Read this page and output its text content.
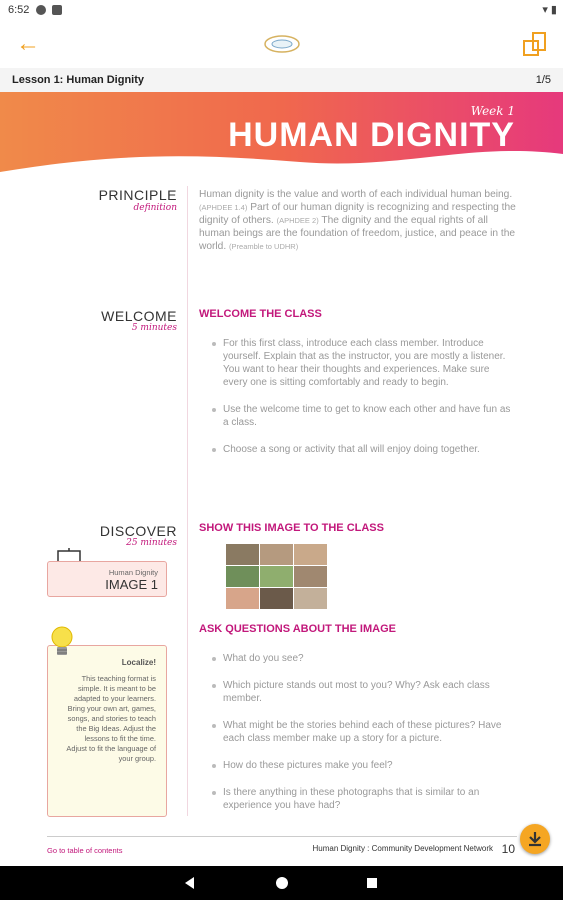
6:52	▾ ▮
←
Lesson 1: Human Dignity	1/5
Week 1
HUMAN DIGNITY
PRINCIPLE
definition
Human dignity is the value and worth of each individual human being. (APHDEE 1.4) Part of our human dignity is recognizing and respecting the dignity of others. (APHDEE 2) The dignity and the equal rights of all human beings are the foundation of freedom, justice, and peace in the world. (Preamble to UDHR)
WELCOME
5 minutes
WELCOME THE CLASS
For this first class, introduce each class member. Introduce yourself. Explain that as the instructor, you are mostly a listener. You want to hear their thoughts and experiences. Make sure every one is sitting comfortably and ready to begin.
Use the welcome time to get to know each other and have fun as a class.
Choose a song or activity that all will enjoy doing together.
DISCOVER
25 minutes
SHOW THIS IMAGE TO THE CLASS
Human Dignity
IMAGE 1
ASK QUESTIONS ABOUT THE IMAGE
What do you see?
Which picture stands out most to you? Why? Ask each class member.
What might be the stories behind each of these pictures? Have each class member make up a story for a picture.
How do these pictures make you feel?
Is there anything in these photographs that is similar to an experience you have had?
Localize!
This teaching format is simple. It is meant to be adapted to your learners. Bring your own art, games, songs, and stories to teach the Big Ideas. Adjust the lessons to fit the time. Adjust to fit the language of your group.
Go to table of contents	Human Dignity : Community Development Network 10
